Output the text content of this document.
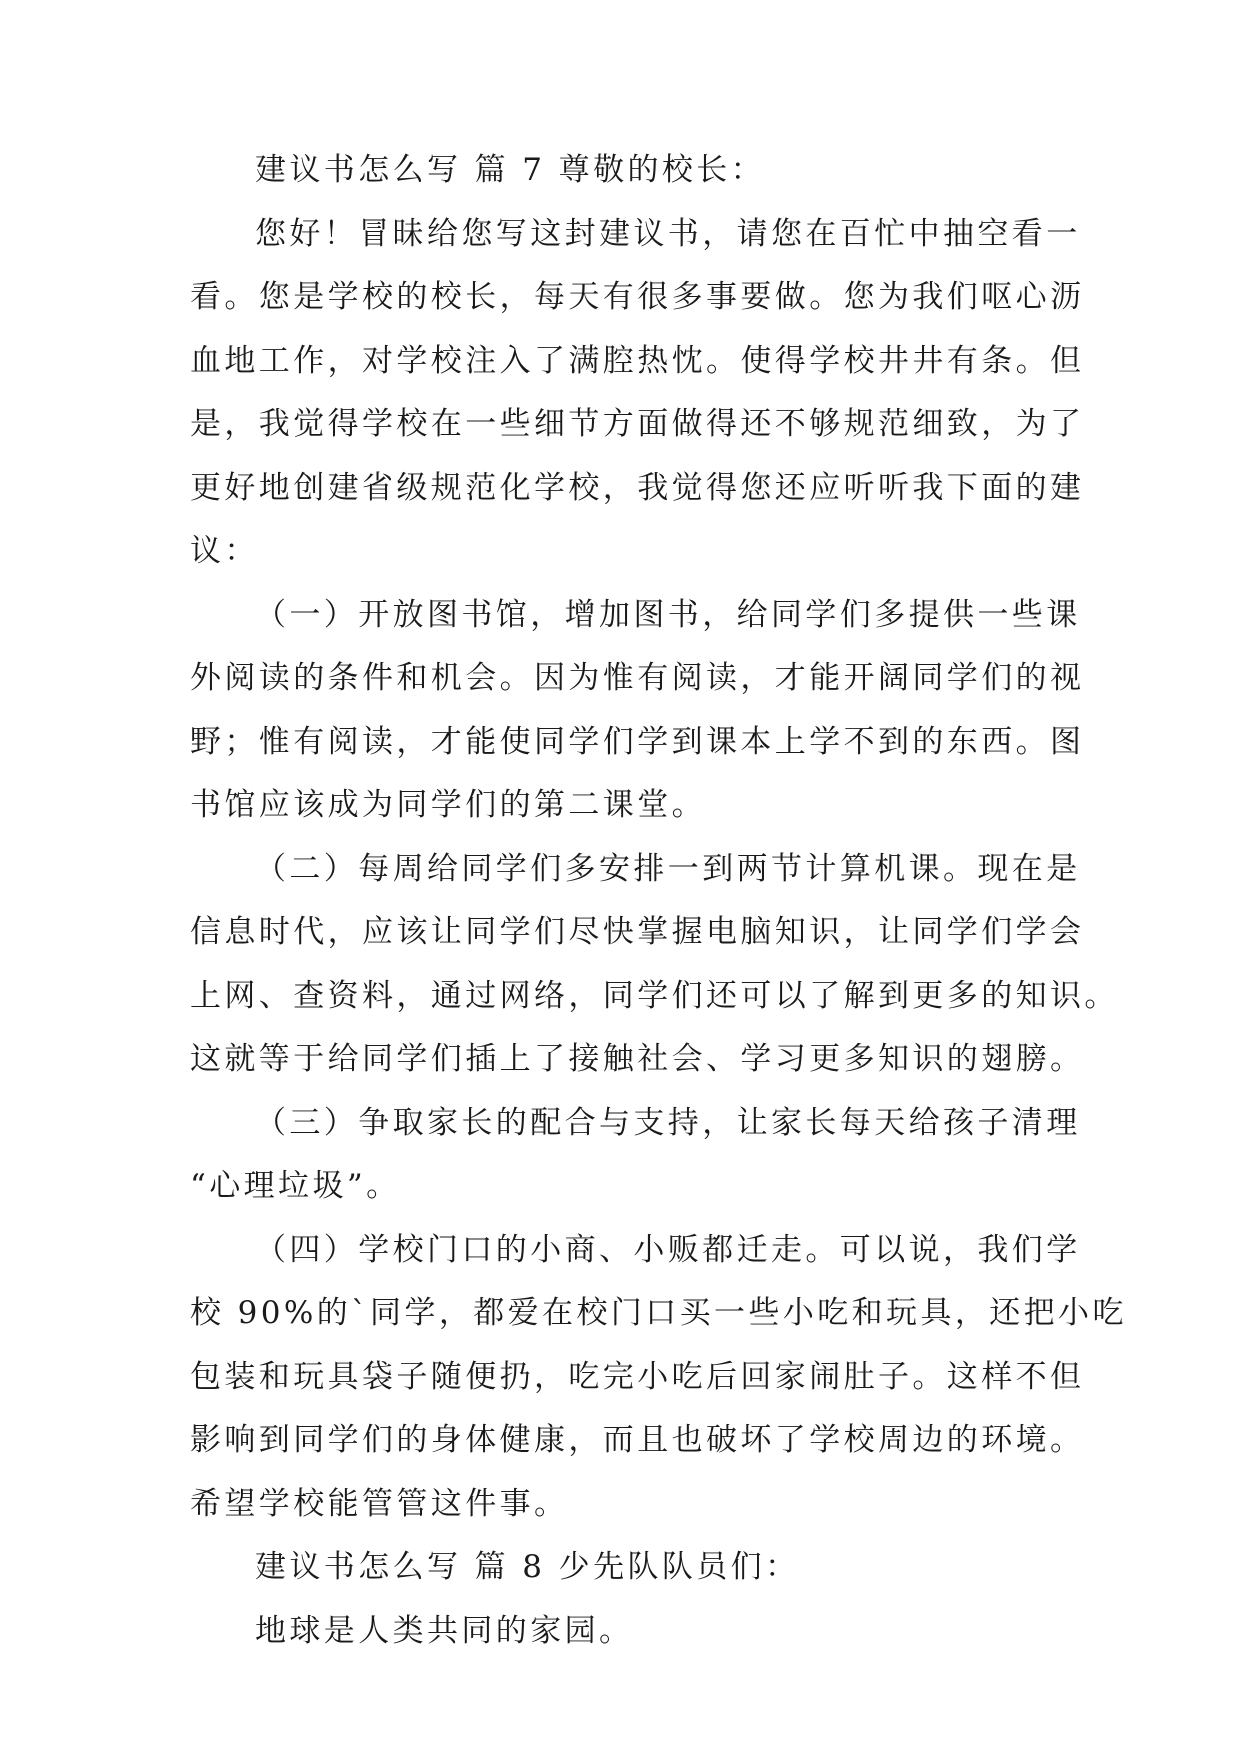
建议书怎么写 篇 7 尊敬的校长：
您好！冒昧给您写这封建议书，请您在百忙中抽空看一
看。您是学校的校长，每天有很多事要做。您为我们呕心沥
血地工作，对学校注入了满腔热忱。使得学校井井有条。但
是，我觉得学校在一些细节方面做得还不够规范细致，为了
更好地创建省级规范化学校，我觉得您还应听听我下面的建
议：
（一）开放图书馆，增加图书，给同学们多提供一些课
外阅读的条件和机会。因为惟有阅读，才能开阔同学们的视
野；惟有阅读，才能使同学们学到课本上学不到的东西。图
书馆应该成为同学们的第二课堂。
（二）每周给同学们多安排一到两节计算机课。现在是
信息时代，应该让同学们尽快掌握电脑知识，让同学们学会
上网、查资料，通过网络，同学们还可以了解到更多的知识。
这就等于给同学们插上了接触社会、学习更多知识的翅膀。
（三）争取家长的配合与支持，让家长每天给孩子清理
“心理垃圾”。
（四）学校门口的小商、小贩都迁走。可以说，我们学
校 90%的`同学，都爱在校门口买一些小吃和玩具，还把小吃
包装和玩具袋子随便扔，吃完小吃后回家闹肚子。这样不但
影响到同学们的身体健康，而且也破坏了学校周边的环境。
希望学校能管管这件事。
建议书怎么写 篇 8 少先队队员们：
地球是人类共同的家园。
